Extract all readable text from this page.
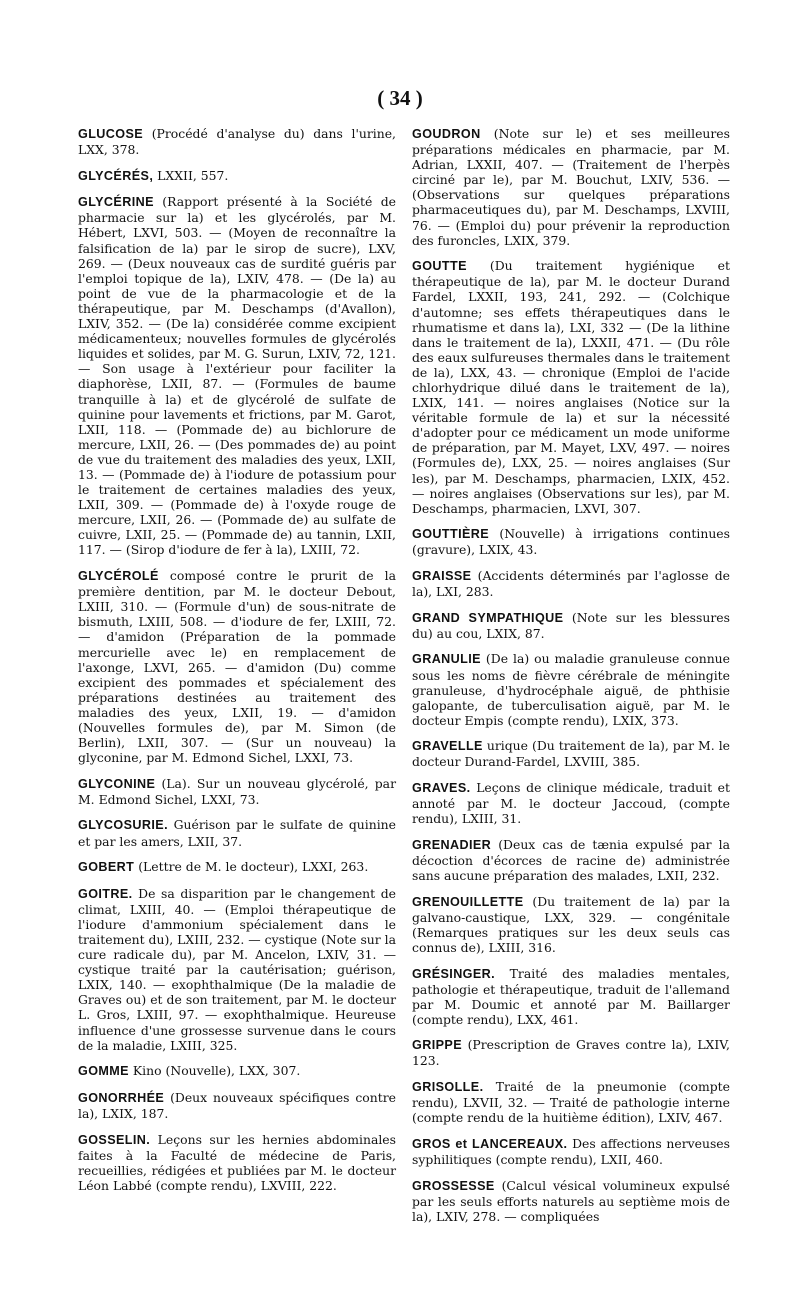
( 34 )

GLUCOSE (Procédé d'analyse du) dans l'urine, LXX, 378.

GLYCÉRÉS, LXXII, 557.

GLYCÉRINE (Rapport présenté à la Société de pharmacie sur la) et les glycérolés, par M. Hébert, LXVI, 503. — (Moyen de reconnaître la falsification de la) par le sirop de sucre), LXV, 269. — (Deux nouveaux cas de surdité guéris par l'emploi topique de la), LXIV, 478. — (De la) au point de vue de la pharmacologie et de la thérapeutique, par M. Deschamps (d'Avallon), LXIV, 352. — (De la) considérée comme excipient médicamenteux; nouvelles formules de glycérolés liquides et solides, par M. G. Surun, LXIV, 72, 121. — Son usage à l'extérieur pour faciliter la diaphorèse, LXII, 87. — (Formules de baume tranquille à la) et de glycérolé de sulfate de quinine pour lavements et frictions, par M. Garot, LXII, 118. — (Pommade de) au bichlorure de mercure, LXII, 26. — (Des pommades de) au point de vue du traitement des maladies des yeux, LXII, 13. — (Pommade de) à l'iodure de potassium pour le traitement de certaines maladies des yeux, LXII, 309. — (Pommade de) à l'oxyde rouge de mercure, LXII, 26. — (Pommade de) au sulfate de cuivre, LXII, 25. — (Pommade de) au tannin, LXII, 117. — (Sirop d'iodure de fer à la), LXIII, 72.

GLYCÉROLÉ composé contre le prurit de la première dentition, par M. le docteur Debout, LXIII, 310. — (Formule d'un) de sous-nitrate de bismuth, LXIII, 508. — d'iodure de fer, LXIII, 72. — d'amidon (Préparation de la pommade mercurielle avec le) en remplacement de l'axonge, LXVI, 265. — d'amidon (Du) comme excipient des pommades et spécialement des préparations destinées au traitement des maladies des yeux, LXII, 19. — d'amidon (Nouvelles formules de), par M. Simon (de Berlin), LXII, 307. — (Sur un nouveau) la glyconine, par M. Edmond Sichel, LXXI, 73.

GLYCONINE (La). Sur un nouveau glycérolé, par M. Edmond Sichel, LXXI, 73.

GLYCOSURIE. Guérison par le sulfate de quinine et par les amers, LXII, 37.

GOBERT (Lettre de M. le docteur), LXXI, 263.

GOITRE. De sa disparition par le changement de climat, LXIII, 40. — (Emploi thérapeutique de l'iodure d'ammonium spécialement dans le traitement du), LXIII, 232. — cystique (Note sur la cure radicale du), par M. Ancelon, LXIV, 31. — cystique traité par la cautérisation; guérison, LXIX, 140. — exophthalmique (De la maladie de Graves ou) et de son traitement, par M. le docteur L. Gros, LXIII, 97. — exophthalmique. Heureuse influence d'une grossesse survenue dans le cours de la maladie, LXIII, 325.

GOMME Kino (Nouvelle), LXX, 307.

GONORRHÉE (Deux nouveaux spécifiques contre la), LXIX, 187.

GOSSELIN. Leçons sur les hernies abdominales faites à la Faculté de médecine de Paris, recueillies, rédigées et publiées par M. le docteur Léon Labbé (compte rendu), LXVIII, 222.

GOUDRON (Note sur le) et ses meilleures préparations médicales en pharmacie, par M. Adrian, LXXII, 407. — (Traitement de l'herpès circiné par le), par M. Bouchut, LXIV, 536. — (Observations sur quelques préparations pharmaceutiques du), par M. Deschamps, LXVIII, 76. — (Emploi du) pour prévenir la reproduction des furoncles, LXIX, 379.

GOUTTE (Du traitement hygiénique et thérapeutique de la), par M. le docteur Durand Fardel, LXXII, 193, 241, 292. — (Colchique d'automne; ses effets thérapeutiques dans le rhumatisme et dans la), LXI, 332 — (De la lithine dans le traitement de la), LXXII, 471. — (Du rôle des eaux sulfureuses thermales dans le traitement de la), LXX, 43. — chronique (Emploi de l'acide chlorhydrique dilué dans le traitement de la), LXIX, 141. — noires anglaises (Notice sur la véritable formule de la) et sur la nécessité d'adopter pour ce médicament un mode uniforme de préparation, par M. Mayet, LXV, 497. — noires (Formules de), LXX, 25. — noires anglaises (Sur les), par M. Deschamps, pharmacien, LXIX, 452. — noires anglaises (Observations sur les), par M. Deschamps, pharmacien, LXVI, 307.

GOUTTIÈRE (Nouvelle) à irrigations continues (gravure), LXIX, 43.

GRAISSE (Accidents déterminés par l'aglosse de la), LXI, 283.

GRAND SYMPATHIQUE (Note sur les blessures du) au cou, LXIX, 87.

GRANULIE (De la) ou maladie granuleuse connue sous les noms de fièvre cérébrale de méningite granuleuse, d'hydrocéphale aiguë, de phthisie galopante, de tuberculisation aiguë, par M. le docteur Empis (compte rendu), LXIX, 373.

GRAVELLE urique (Du traitement de la), par M. le docteur Durand-Fardel, LXVIII, 385.

GRAVES. Leçons de clinique médicale, traduit et annoté par M. le docteur Jaccoud, (compte rendu), LXIII, 31.

GRENADIER (Deux cas de tænia expulsé par la décoction d'écorces de racine de) administrée sans aucune préparation des malades, LXII, 232.

GRENOUILLETTE (Du traitement de la) par la galvano-caustique, LXX, 329. — congénitale (Remarques pratiques sur les deux seuls cas connus de), LXIII, 316.

GRÉSINGER. Traité des maladies mentales, pathologie et thérapeutique, traduit de l'allemand par M. Doumic et annoté par M. Baillarger (compte rendu), LXX, 461.

GRIPPE (Prescription de Graves contre la), LXIV, 123.

GRISOLLE. Traité de la pneumonie (compte rendu), LXVII, 32. — Traité de pathologie interne (compte rendu de la huitième édition), LXIV, 467.

GROS et LANCEREAUX. Des affections nerveuses syphilitiques (compte rendu), LXII, 460.

GROSSESSE (Calcul vésical volumineux expulsé par les seuls efforts naturels au septième mois de la), LXIV, 278. — compliquées
